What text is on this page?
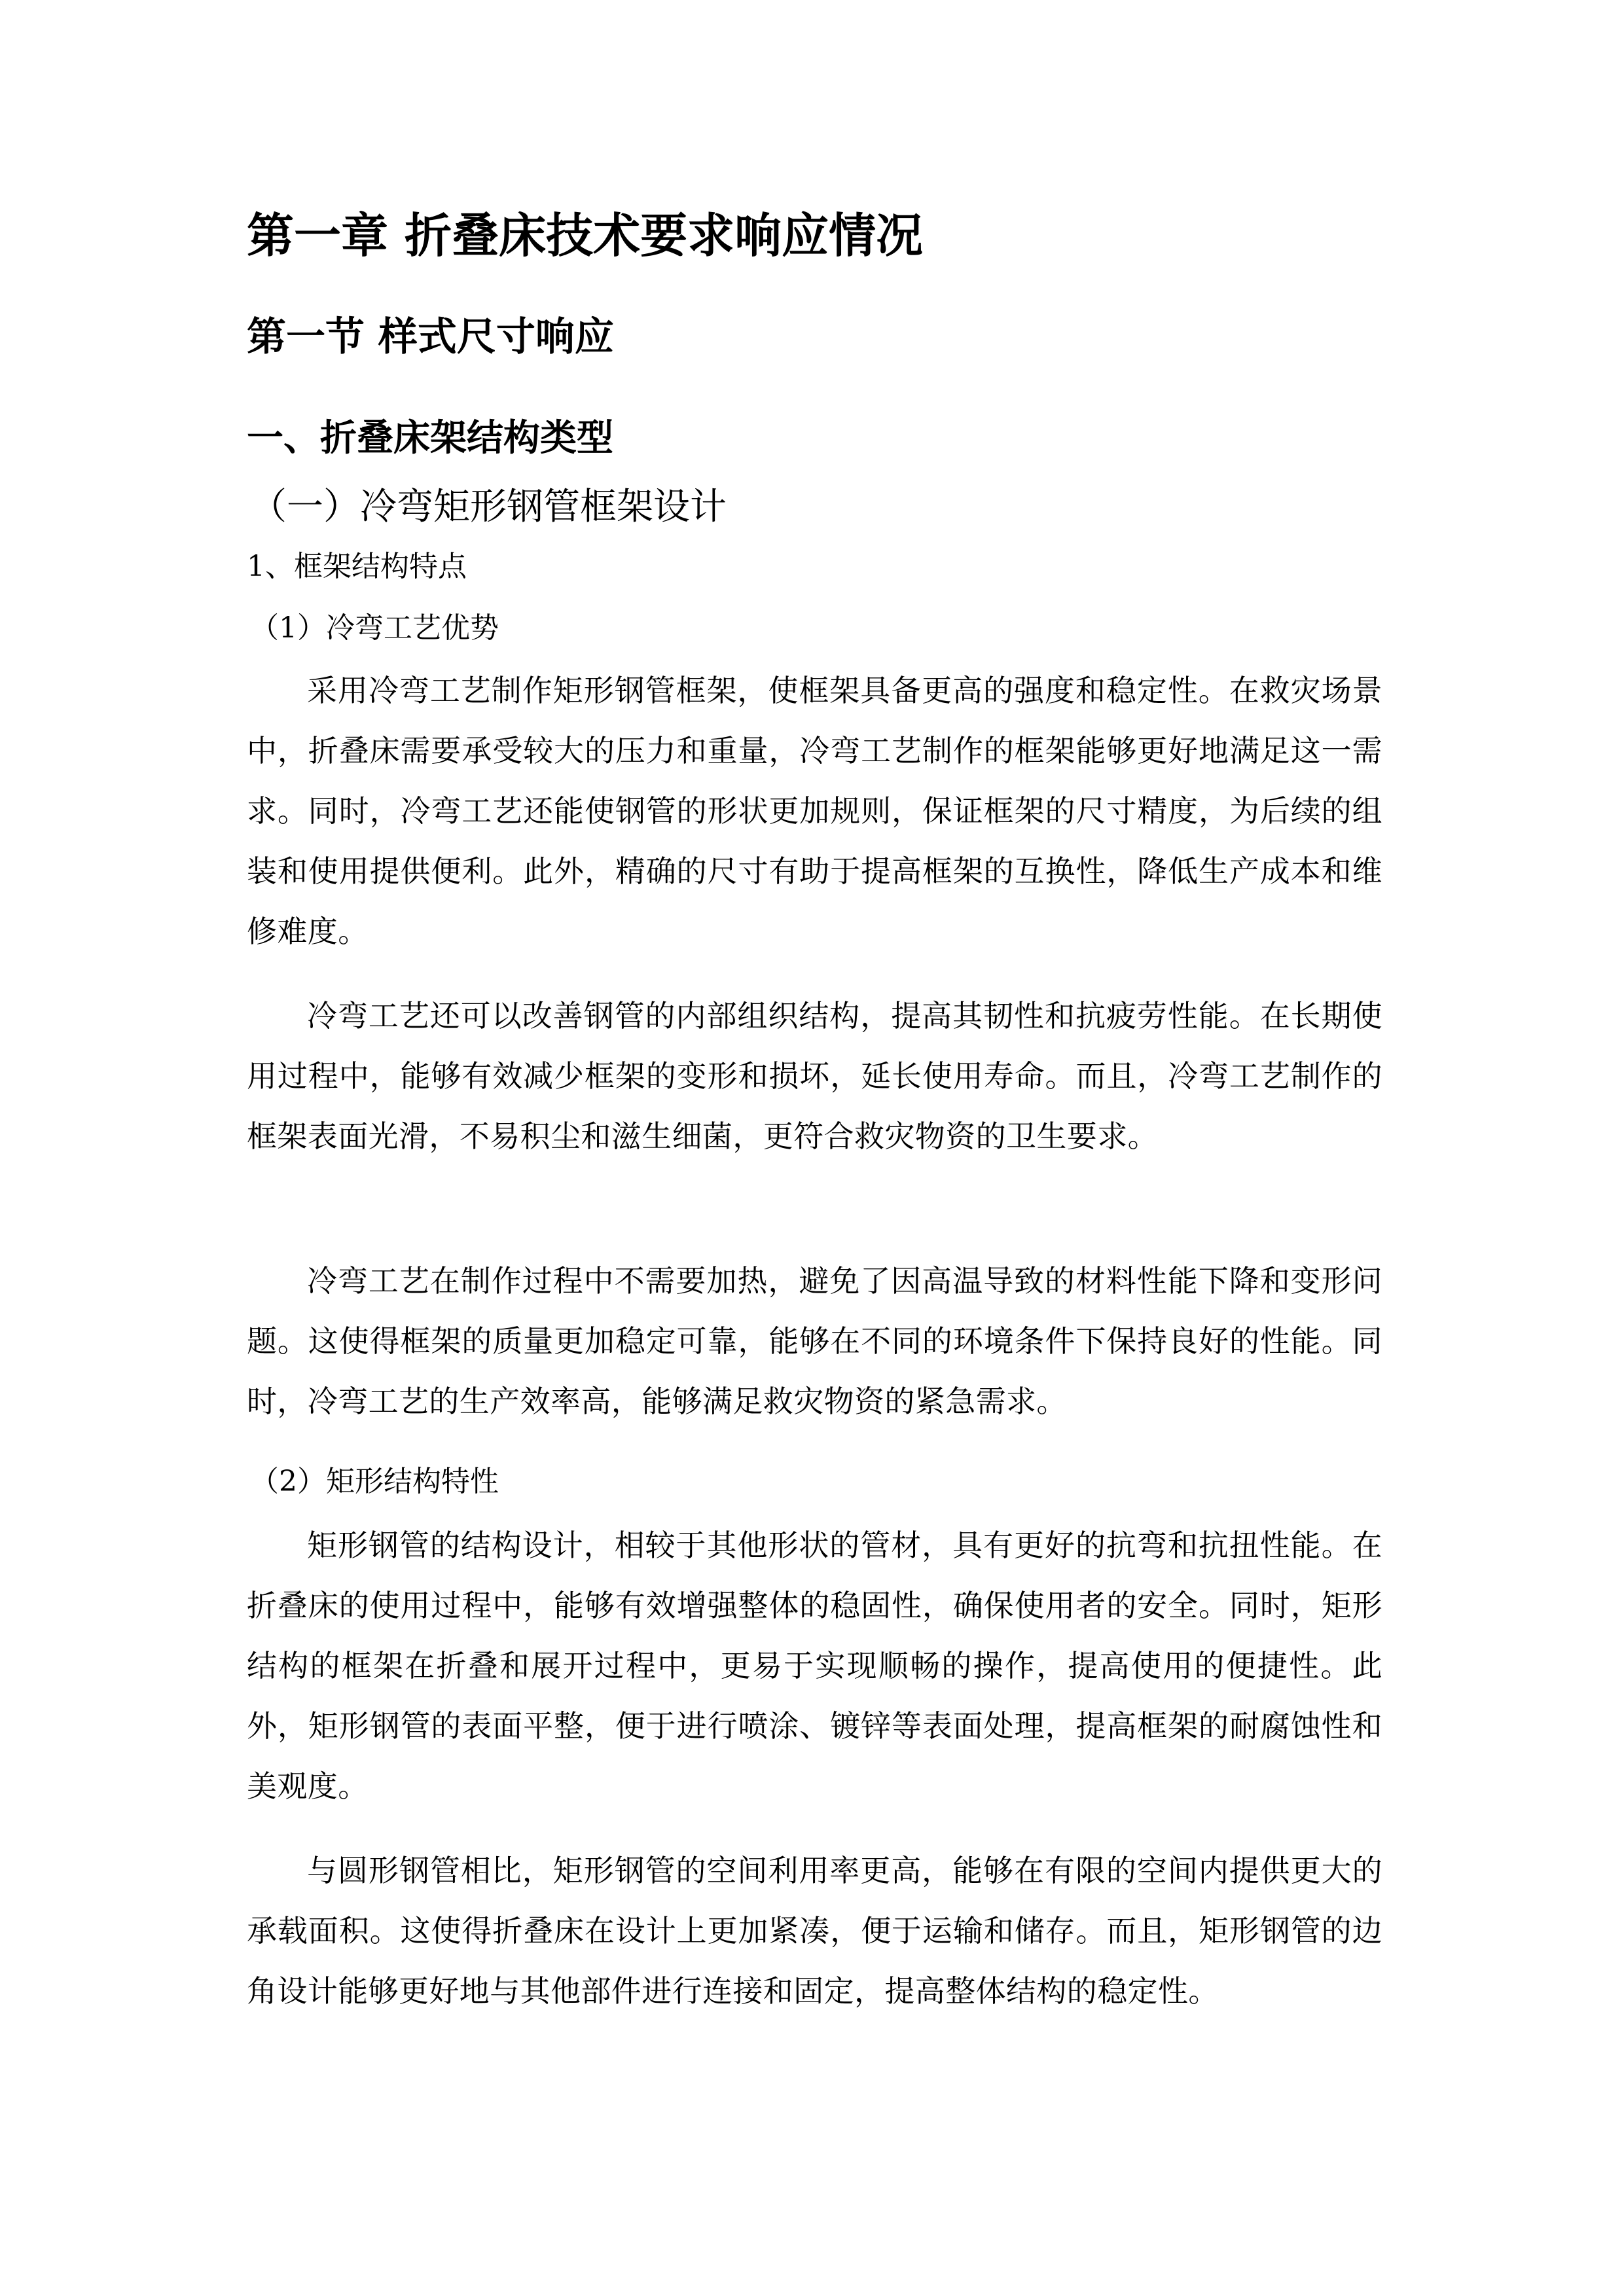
第一章 折叠床技术要求响应情况
第一节 样式尺寸响应
一、折叠床架结构类型
（一）冷弯矩形钢管框架设计
1、框架结构特点
（1）冷弯工艺优势

采用冷弯工艺制作矩形钢管框架，使框架具备更高的强度和稳定性。在救灾场景中，折叠床需要承受较大的压力和重量，冷弯工艺制作的框架能够更好地满足这一需求。同时，冷弯工艺还能使钢管的形状更加规则，保证框架的尺寸精度，为后续的组装和使用提供便利。此外，精确的尺寸有助于提高框架的互换性，降低生产成本和维修难度。

冷弯工艺还可以改善钢管的内部组织结构，提高其韧性和抗疲劳性能。在长期使用过程中，能够有效减少框架的变形和损坏，延长使用寿命。而且，冷弯工艺制作的框架表面光滑，不易积尘和滋生细菌，更符合救灾物资的卫生要求。

冷弯工艺在制作过程中不需要加热，避免了因高温导致的材料性能下降和变形问题。这使得框架的质量更加稳定可靠，能够在不同的环境条件下保持良好的性能。同时，冷弯工艺的生产效率高，能够满足救灾物资的紧急需求。

（2）矩形结构特性

矩形钢管的结构设计，相较于其他形状的管材，具有更好的抗弯和抗扭性能。在折叠床的使用过程中，能够有效增强整体的稳固性，确保使用者的安全。同时，矩形结构的框架在折叠和展开过程中，更易于实现顺畅的操作，提高使用的便捷性。此外，矩形钢管的表面平整，便于进行喷涂、镀锌等表面处理，提高框架的耐腐蚀性和美观度。

与圆形钢管相比，矩形钢管的空间利用率更高，能够在有限的空间内提供更大的承载面积。这使得折叠床在设计上更加紧凑，便于运输和储存。而且，矩形钢管的边角设计能够更好地与其他部件进行连接和固定，提高整体结构的稳定性。
